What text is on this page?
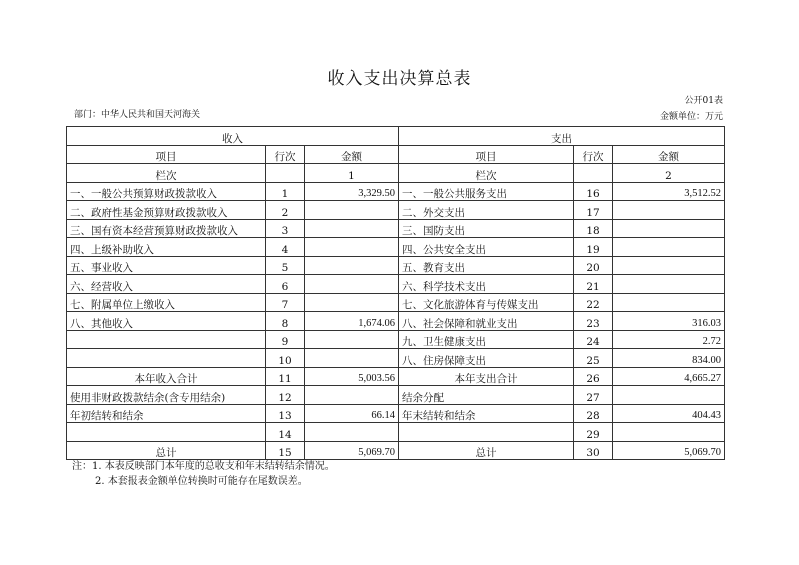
收入支出决算总表
公开01表
部门：中华人民共和国天河海关	金额单位：万元
收入			支出		
项目	行次	金额	项目	行次	金额
栏次		1	栏次		2
一、一般公共预算财政拨款收入	1	3,329.50	一、一般公共服务支出	16	3,512.52
二、政府性基金预算财政拨款收入	2		二、外交支出	17	
三、国有资本经营预算财政拨款收入	3		三、国防支出	18	
四、上级补助收入	4		四、公共安全支出	19	
五、事业收入	5		五、教育支出	20	
六、经营收入	6		六、科学技术支出	21	
七、附属单位上缴收入	7		七、文化旅游体育与传媒支出	22	
八、其他收入	8	1,674.06	八、社会保障和就业支出	23	316.03
	9		九、卫生健康支出	24	2.72
	10		八、住房保障支出	25	834.00
本年收入合计	11	5,003.56	本年支出合计	26	4,665.27
使用非财政拨款结余(含专用结余)	12		结余分配	27	
年初结转和结余	13	66.14	年末结转和结余	28	404.43
	14			29	
总计	15	5,069.70	总计	30	5,069.70
注：1. 本表反映部门本年度的总收支和年末结转结余情况。
2. 本套报表金额单位转换时可能存在尾数误差。
